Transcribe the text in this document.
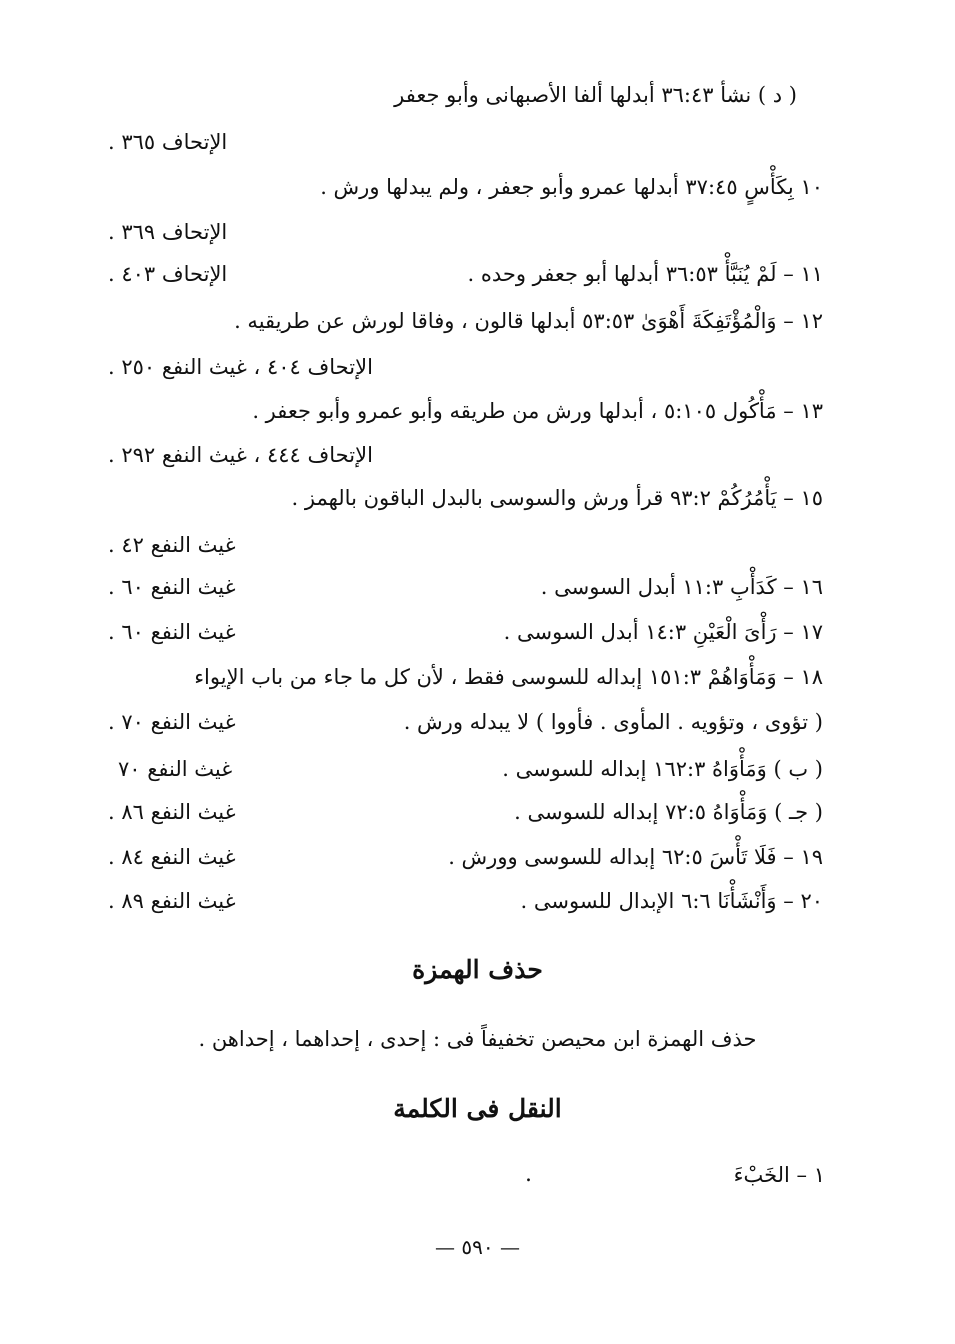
( د ) نشأ ٣٦:٤٣ أبدلها ألفا الأصبهانى وأبو جعفر
الإتحاف ٣٦٥ .
١٠ بِكَأْسٍ ٣٧:٤٥ أبدلها عمرو وأبو جعفر ، ولم يبدلها ورش .
الإتحاف ٣٦٩ .
١١ – لَمْ يُنَبَّأْ ٣٦:٥٣ أبدلها أبو جعفر وحده .
الإتحاف ٤٠٣ .
١٢ – وَالْمُؤْتَفِكَةَ أَهْوَىٰ ٥٣:٥٣ أبدلها قالون ، وفاقا لورش عن طريقيه .
الإتحاف ٤٠٤ ، غيث النفع ٢٥٠ .
١٣ – مَأْكُول ٥:١٠٥ ، أبدلها ورش من طريقه وأبو عمرو وأبو جعفر .
الإتحاف ٤٤٤ ، غيث النفع ٢٩٢ .
١٥ – يَأْمُرُكُمْ ٩٣:٢ قرأ ورش والسوسى بالبدل الباقون بالهمز .
غيث النفع ٤٢ .
١٦ – كَدَأْبِ ١١:٣ أبدل السوسى .
غيث النفع ٦٠ .
١٧ – رَأْىَ الْعَيْنِ ١٤:٣ أبدل السوسى .
غيث النفع ٦٠ .
١٨ – وَمَأْوَاهُمْ ١٥١:٣ إبداله للسوسى فقط ، لأن كل ما جاء من باب الإيواء
( تؤوى ، وتؤويه . المأوى . فأووا ) لا يبدله ورش .
غيث النفع ٧٠ .
( ب ) وَمَأْوَاهُ ١٦٢:٣ إبداله للسوسى .
غيث النفع ٧٠
( جـ ) وَمَأْوَاهُ ٧٢:٥ إبداله للسوسى .
غيث النفع ٨٦ .
١٩ – فَلَا تَأْسَ ٦٢:٥ إبداله للسوسى وورش .
غيث النفع ٨٤ .
٢٠ – وَأَنْشَأْنَا ٦:٦ الإبدال للسوسى .
غيث النفع ٨٩ .
حذف الهمزة
حذف الهمزة ابن محيصن تخفيفاً فى : إحدى ، إحداهما ، إحداهن .
النقل فى الكلمة
١ – الخَبْءَ
.
— ٥٩٠ —
